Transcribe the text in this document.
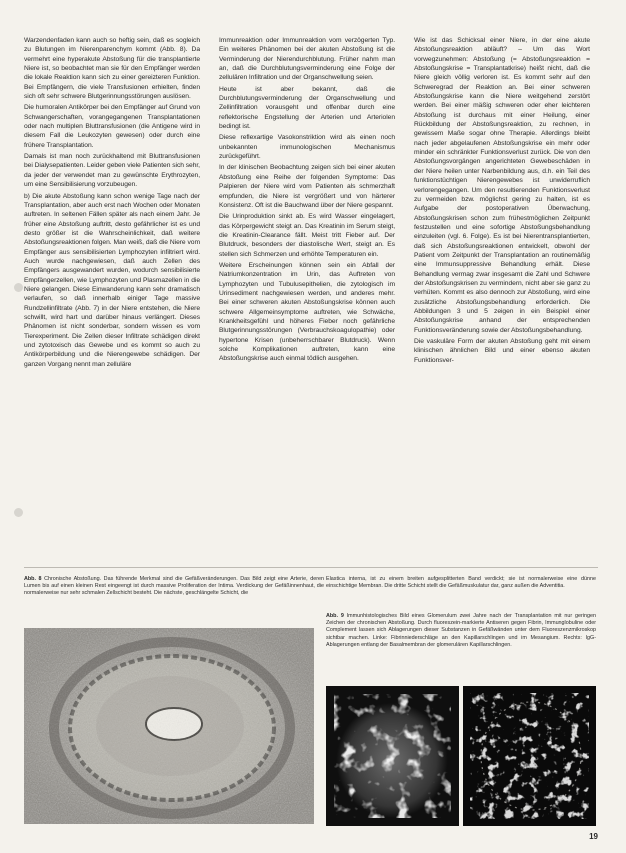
Warzendenfaden kann auch so heftig sein, daß es sogleich zu Blutungen im Nierenparenchym kommt (Abb. 8). Da vermehrt eine hyperakute Abstoßung für die transplantierte Niere ist, so beobachtet man sie für den Empfänger werden die lokale Reaktion kann sich zu einer gereizteren Funktion. Bei Empfängern, die viele Transfusionen erhielten, finden sich oft sehr schwere Blutgerinnungsstörungen auslösen.

Die humoralen Antikörper bei den Empfänger auf Grund von Schwangerschaften, vorangegangenen Transplantationen oder nach multiplen Bluttransfusionen (die Antigene wird in diesem Fall die Leukozyten gewesen) oder durch eine frühere Transplantation.

Damals ist man noch zurückhaltend mit Bluttransfusionen bei Dialysepatienten. Leider geben viele Patienten sich sehr, da jeder der verwendet man zu gewünschte Erythrozyten, um eine Sensibilisierung vorzubeugen.

b) Die akute Abstoßung kann schon wenige Tage nach der Transplantation, aber auch erst nach Wochen oder Monaten auftreten. In seltenen Fällen später als nach einem Jahr. Je früher eine Abstoßung auftritt, desto gefährlicher ist es und desto größer ist die Wahrscheinlichkeit, daß weitere Abstoßungsreaktionen folgen. Man weiß, daß die Niere vom Empfänger aus sensibilisierten Lymphozyten infiltriert wird. Auch wurde nachgewiesen, daß auch Zellen des Empfängers ausgewandert wurden, wodurch sensibilisierte Empfängerzellen, wie Lymphozyten und Plasmazellen in die Niere gelangen. Diese Einwanderung kann sehr dramatisch verlaufen, so daß innerhalb einiger Tage massive Rundzellinfiltrate (Abb. 7) in der Niere entstehen, die Niere schwillt, wird hart und darüber hinaus verlängert. Dieses Phänomen ist nicht sonderbar, sondern wissen es vom Tierexperiment. Die Zellen dieser Infiltrate schädigen direkt und zytotoxisch das Gewebe und es kommt so auch zu Antikörperbildung und die Nierengewebe schädigen. Der ganzen Vorgang nennt man zelluläre

Immunreaktion oder Immunreaktion vom verzögerten Typ. Ein weiteres Phänomen bei der akuten Abstoßung ist die Verminderung der Nierendurchblutung. Früher nahm man an, daß die Durchblutungsverminderung eine Folge der zellulären Infiltration und der Organschwellung seien.

Heute ist aber bekannt, daß die Durchblutungsverminderung der Organschwellung und Zellinfiltration vorausgeht und offenbar durch eine reflektorische Engstellung der Arterien und Arteriolen bedingt ist.

Diese reflexartige Vasokonstriktion wird als einen noch unbekannten immunologischen Mechanismus zurückgeführt.

In der klinischen Beobachtung zeigen sich bei einer akuten Abstoßung eine Reihe der folgenden Symptome: Das Palpieren der Niere wird vom Patienten als schmerzhaft empfunden, die Niere ist vergrößert und von härterer Konsistenz. Oft ist die Bauchwand über der Niere gespannt.

Die Urinproduktion sinkt ab. Es wird Wasser eingelagert, das Körpergewicht steigt an. Das Kreatinin im Serum steigt, die Kreatinin-Clearance fällt. Meist tritt Fieber auf. Der Blutdruck, besonders der diastolische Wert, steigt an. Es stellen sich Schmerzen und erhöhte Temperaturen ein.

Weitere Erscheinungen können sein ein Abfall der Natriumkonzentration im Urin, das Auftreten von Lymphozyten und Tubulusepithelien, die zytologisch im Urinsediment nachgewiesen werden, und anderes mehr. Bei einer schweren akuten Abstoßungskrise können auch schwere Allgemeinsymptome auftreten, wie Schwäche, Krankheitsgefühl und höheres Fieber noch gefährliche Blutgerinnungsstörungen (Verbrauchskoagulopathie) oder hypertone Krisen (unbeherrschbarer Blutdruck). Wenn solche Komplikationen auftreten, kann eine Abstoßungskrise auch einmal tödlich ausgehen.

Wie ist das Schicksal einer Niere, in der eine akute Abstoßungsreaktion abläuft? – Um das Wort vorwegzunehmen: Abstoßung (= Abstoßungsreaktion = Abstoßungskrise = Transplantatkrise) heißt nicht, daß die Niere gleich völlig verloren ist. Es kommt sehr auf den Schweregrad der Reaktion an. Bei einer schweren Abstoßungskrise kann die Niere weitgehend zerstört werden. Bei einer mäßig schweren oder eher leichteren Abstoßung ist durchaus mit einer Heilung, einer Rückbildung der Abstoßungsreaktion, zu rechnen, in gewissem Maße sogar ohne Therapie. Allerdings bleibt nach jeder abgelaufenen Abstoßungskrise ein mehr oder minder ein schränkter Funktionsverlust zurück. Die von den Abstoßungsvorgängen angerichteten Gewebeschäden in der Niere heilen unter Narbenbildung aus, d.h. ein Teil des funktionstüchtigen Nierengewebes ist unwiderruflich verlorengegangen. Um den resultierenden Funktionsverlust zu vermeiden bzw. möglichst gering zu halten, ist es Aufgabe der postoperativen Überwachung, Abstoßungskrisen schon zum frühestmöglichen Zeitpunkt festzustellen und eine sofortige Abstoßungsbehandlung einzuleiten (vgl. 6. Folge). Es ist bei Nierentransplantierten, daß sich Abstoßungsreaktionen entwickelt, obwohl der Patient vom Zeitpunkt der Transplantation an routinemäßig eine Immunsuppressive Behandlung erhält. Diese Behandlung vermag zwar insgesamt die Zahl und Schwere der Abstoßungskrisen zu vermindern, nicht aber sie ganz zu verhüten. Kommt es also dennoch zur Abstoßung, wird eine zusätzliche Abstoßungsbehandlung erforderlich. Die Abbildungen 3 und 5 zeigen in ein Beispiel einer Abstoßungskrise anhand der entsprechenden Funktionsveränderung sowie der Abstoßungsbehandlung.

Die vaskuläre Form der akuten Abstoßung geht mit einem klinischen ähnlichen Bild und einer ebenso akuten Funktionsver-

Abb. 8 Chronische Abstoßung. Das führende Merkmal sind die Gefäßveränderungen. Das Bild zeigt eine Arterie, deren Lumen bis auf einen kleinen Rest eingeengt ist durch massive Proliferation der Intima. Verdickung der Gefäßinnenhaut, die normalerweise nur sehr schmalen Zellschicht besteht. Die nächste, geschlängelte Schicht, die
Elastica interna, ist zu einem breiten aufgesplitterten Band verdickt; sie ist normalerweise eine dünne einschichtige Membran. Die dritte Schicht stellt die Gefäßmuskulatur dar, ganz außen die Adventitia.
Abb. 9 Immunhistologisches Bild eines Glomerulum zwei Jahre nach der Transplantation mit nur geringen Zeichen der chronischen Abstoßung. Durch fluoreszein-markierte Antiseren gegen Fibrin, Immunglobuline oder Complement lassen sich Ablagerungen dieser Substanzen in Gefäßwänden unter dem Fluoreszenzmikroskop sichtbar machen. Linke: Fibrinniederschläge an den Kapillarschlingen und im Mesangium. Rechts: IgG-Ablagerungen entlang der Basalmembran der glomerulären Kapillarschlingen.
19
